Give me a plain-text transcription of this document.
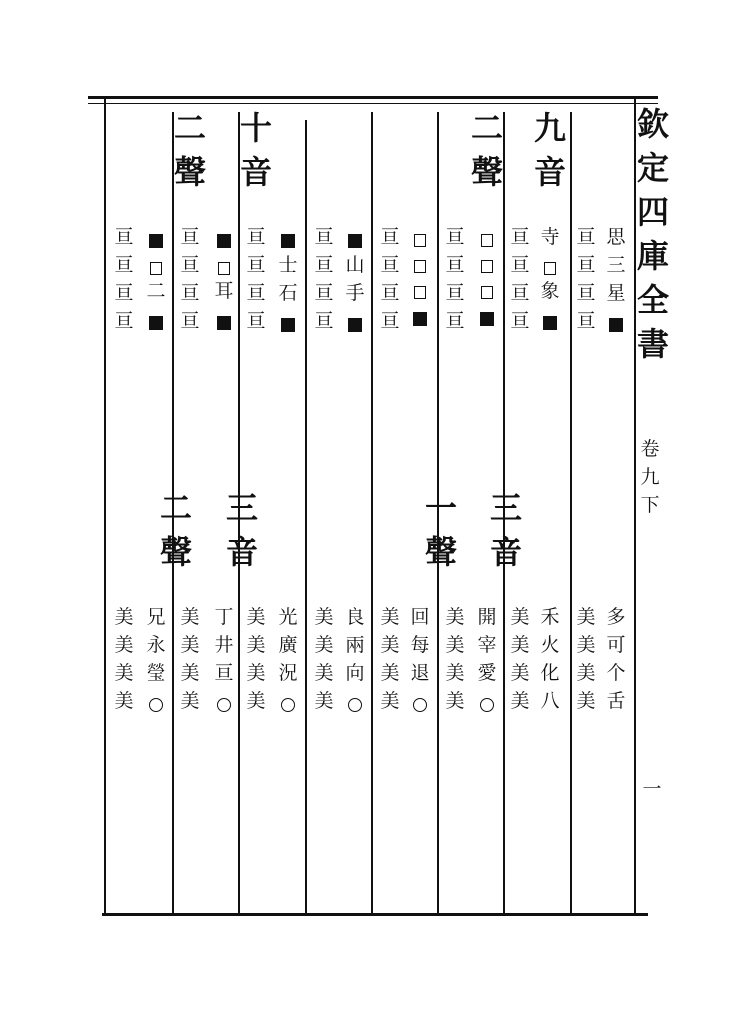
欽
定
四
庫
全
書
卷
九
下
一
思
三
星
多
可
个
舌
亘
亘
亘
亘
美
美
美
美
九
音
寺
象
禾
火
化
八
亘
亘
亘
亘
三
音
美
美
美
美
二
聲
開
宰
愛
亘
亘
亘
亘
一
聲
美
美
美
美
回
每
退
亘
亘
亘
亘
美
美
美
美
山
手
良
兩
向
亘
亘
亘
亘
美
美
美
美
士
石
光
廣
況
十
音
亘
亘
亘
亘
三
音
美
美
美
美
耳
丁
井
亘
二
聲
亘
亘
亘
亘
二
聲
美
美
美
美
二
兄
永
瑩
亘
亘
亘
亘
美
美
美
美
